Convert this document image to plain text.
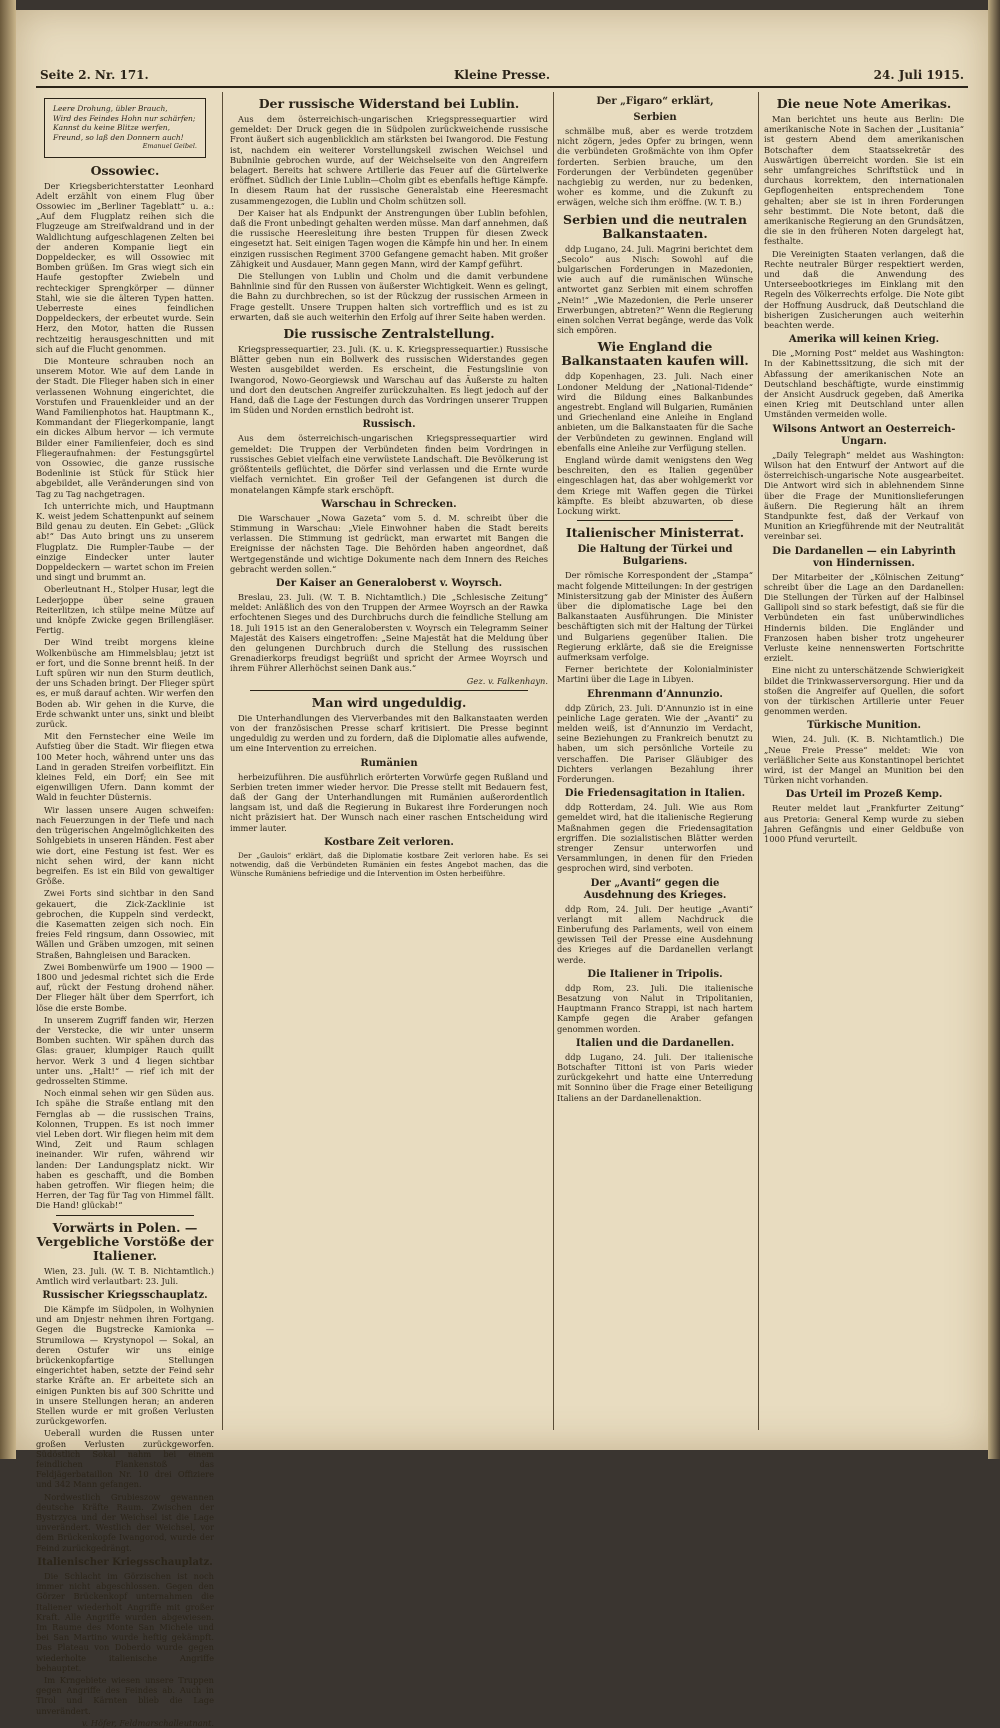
Seite 2. Nr. 171.	Kleine Presse.	24. Juli 1915.
Leere Drohung, übler Brauch,
Wird des Feindes Hohn nur schärfen;
Kannst du keine Blitze werfen,
Freund, so laß den Donnern auch!
Emanuel Geibel.
Ossowiec.

Der Kriegsberichterstatter Leonhard Adelt erzählt von einem Flug über Ossowiec im „Berliner Tageblatt“ u. a.: „Auf dem Flugplatz reihen sich die Flugzeuge am Streifwaldrand und in der Waldlichtung aufgeschlagenen Zelten bei der anderen Kompanie liegt ein Doppeldecker, es will Ossowiec mit Bomben grüßen. Im Gras wiegt sich ein Haufe gestopfter Zwiebeln und rechteckiger Sprengkörper — dünner Stahl, wie sie die älteren Typen hatten. Ueberreste eines feindlichen Doppeldeckers, der erbeutet wurde. Sein Herz, den Motor, hatten die Russen rechtzeitig herausgeschnitten und mit sich auf die Flucht genommen.

Die Monteure schrauben noch an unserem Motor. Wie auf dem Lande in der Stadt. Die Flieger haben sich in einer verlassenen Wohnung eingerichtet, die Vorstufen und Frauenkleider und an der Wand Familienphotos hat. Hauptmann K., Kommandant der Fliegerkompanie, langt ein dickes Album hervor — ich vermute Bilder einer Familienfeier, doch es sind Fliegeraufnahmen: der Festungsgürtel von Ossowiec, die ganze russische Bodenlinie ist Stück für Stück hier abgebildet, alle Veränderungen sind von Tag zu Tag nachgetragen.

Ich unterrichte mich, und Hauptmann K. weist jedem Schattenpunkt auf seinem Bild genau zu deuten. Ein Gebet: „Glück ab!“ Das Auto bringt uns zu unserem Flugplatz. Die Rumpler-Taube — der einzige Eindecker unter lauter Doppeldeckern — wartet schon im Freien und singt und brummt an.

Oberleutnant H., Stolper Husar, legt die Lederjoppe über seine grauen Reiterlitzen, ich stülpe meine Mütze auf und knöpfe Zwicke gegen Brillengläser. Fertig.

Der Wind treibt morgens kleine Wolkenbüsche am Himmelsblau; jetzt ist er fort, und die Sonne brennt heiß. In der Luft spüren wir nun den Sturm deutlich, der uns Schaden bringt. Der Flieger spürt es, er muß darauf achten. Wir werfen den Boden ab. Wir gehen in die Kurve, die Erde schwankt unter uns, sinkt und bleibt zurück.

Mit den Fernstecher eine Weile im Aufstieg über die Stadt. Wir fliegen etwa 100 Meter hoch, während unter uns das Land in geraden Streifen vorbeiflitzt. Ein kleines Feld, ein Dorf; ein See mit eigenwilligen Ufern. Dann kommt der Wald in feuchter Düsternis.

Wir lassen unsere Augen schweifen: nach Feuerzungen in der Tiefe und nach den trügerischen Angelmöglichkeiten des Sohlgebiets in unseren Händen. Fest aber wie dort, eine Festung ist fest. Wer es nicht sehen wird, der kann nicht begreifen. Es ist ein Bild von gewaltiger Größe.

Zwei Forts sind sichtbar in den Sand gekauert, die Zick-Zacklinie ist gebrochen, die Kuppeln sind verdeckt, die Kasematten zeigen sich noch. Ein freies Feld ringsum, dann Ossowiec, mit Wällen und Gräben umzogen, mit seinen Straßen, Bahngleisen und Baracken.

Zwei Bombenwürfe um 1900 — 1900 — 1800 und jedesmal richtet sich die Erde auf, rückt der Festung drohend näher. Der Flieger hält über dem Sperrfort, ich löse die erste Bombe.

In unserem Zugriff fanden wir, Herzen der Verstecke, die wir unter unserm Bomben suchten. Wir spähen durch das Glas: grauer, klumpiger Rauch quillt hervor. Werk 3 und 4 liegen sichtbar unter uns. „Halt!“ — rief ich mit der gedrosselten Stimme.

Noch einmal sehen wir gen Süden aus. Ich spähe die Straße entlang mit den Fernglas ab — die russischen Trains, Kolonnen, Truppen. Es ist noch immer viel Leben dort. Wir fliegen heim mit dem Wind, Zeit und Raum schlagen ineinander. Wir rufen, während wir landen: Der Landungsplatz nickt. Wir haben es geschafft, und die Bomben haben getroffen. Wir fliegen heim; die Herren, der Tag für Tag von Himmel fällt. Die Hand! glückab!“

Vorwärts in Polen. — Vergebliche Vorstöße der Italiener.

Wien, 23. Juli. (W. T. B. Nichtamtlich.) Amtlich wird verlautbart: 23. Juli.

Russischer Kriegsschauplatz.

Die Kämpfe im Südpolen, in Wolhynien und am Dnjestr nehmen ihren Fortgang. Gegen die Bugstrecke Kamionka — Strumilowa — Krystynopol — Sokal, an deren Ostufer wir uns einige brückenkopfartige Stellungen eingerichtet haben, setzte der Feind sehr starke Kräfte an. Er arbeitete sich an einigen Punkten bis auf 300 Schritte und in unsere Stellungen heran; an anderen Stellen wurde er mit großen Verlusten zurückgeworfen.

Ueberall wurden die Russen unter großen Verlusten zurückgeworfen. Südöstlich Sokal nahm bei einem feindlichen Flankenstoß das Feldjägerbataillon Nr. 10 drei Offiziere und 342 Mann gefangen.

Nordwestlich Grubieszow gewannen deutsche Kräfte Raum. Zwischen der Bystrzyca und der Weichsel ist die Lage unverändert. Westlich der Weichsel, vor dem Brückenkopfe Iwangorod, wurde der Feind zurückgedrängt.

Italienischer Kriegsschauplatz.

Die Schlacht im Görzischen ist noch immer nicht abgeschlossen. Gegen den Görzer Brückenkopf unternahmen die Italiener wiederholt Angriffe mit großer Kraft. Alle Angriffe wurden abgewiesen. Im Raume des Monte San Michele und bei San Martino wurde heftig gekämpft. Das Plateau von Doberdo wurde gegen wiederholte italienische Angriffe behauptet.

Im Krngebiete wiesen unsere Truppen gegen Angriffe des Feindes ab. Auch in Tirol und Kärnten blieb die Lage unverändert.

v. Höfer, Feldmarschalleutnant.

Der russische Widerstand bei Lublin.

Aus dem österreichisch-ungarischen Kriegspressequartier wird gemeldet: Der Druck gegen die in Südpolen zurückweichende russische Front äußert sich augenblicklich am stärksten bei Iwangorod. Die Festung ist, nachdem ein weiterer Vorstellungskeil zwischen Weichsel und Bubnilnie gebrochen wurde, auf der Weichselseite von den Angreifern belagert. Bereits hat schwere Artillerie das Feuer auf die Gürtelwerke eröffnet. Südlich der Linie Lublin—Cholm gibt es ebenfalls heftige Kämpfe. In diesem Raum hat der russische Generalstab eine Heeresmacht zusammengezogen, die Lublin und Cholm schützen soll.

Der Kaiser hat als Endpunkt der Anstrengungen über Lublin befohlen, daß die Front unbedingt gehalten werden müsse. Man darf annehmen, daß die russische Heeresleitung ihre besten Truppen für diesen Zweck eingesetzt hat. Seit einigen Tagen wogen die Kämpfe hin und her. In einem einzigen russischen Regiment 3700 Gefangene gemacht haben. Mit großer Zähigkeit und Ausdauer, Mann gegen Mann, wird der Kampf geführt.

Die Stellungen von Lublin und Cholm und die damit verbundene Bahnlinie sind für den Russen von äußerster Wichtigkeit. Wenn es gelingt, die Bahn zu durchbrechen, so ist der Rückzug der russischen Armeen in Frage gestellt. Unsere Truppen halten sich vortrefflich und es ist zu erwarten, daß sie auch weiterhin den Erfolg auf ihrer Seite haben werden.

Die russische Zentralstellung.

Kriegspressequartier, 23. Juli. (K. u. K. Kriegspressequartier.) Russische Blätter geben nun ein Bollwerk des russischen Widerstandes gegen Westen ausgebildet werden. Es erscheint, die Festungslinie von Iwangorod, Nowo-Georgiewsk und Warschau auf das Äußerste zu halten und dort den deutschen Angreifer zurückzuhalten. Es liegt jedoch auf der Hand, daß die Lage der Festungen durch das Vordringen unserer Truppen im Süden und Norden ernstlich bedroht ist.

Russisch.

Aus dem österreichisch-ungarischen Kriegspressequartier wird gemeldet: Die Truppen der Verbündeten finden beim Vordringen in russisches Gebiet vielfach eine verwüstete Landschaft. Die Bevölkerung ist größtenteils geflüchtet, die Dörfer sind verlassen und die Ernte wurde vielfach vernichtet. Ein großer Teil der Gefangenen ist durch die monatelangen Kämpfe stark erschöpft.

Warschau in Schrecken.

Die Warschauer „Nowa Gazeta“ vom 5. d. M. schreibt über die Stimmung in Warschau: „Viele Einwohner haben die Stadt bereits verlassen. Die Stimmung ist gedrückt, man erwartet mit Bangen die Ereignisse der nächsten Tage. Die Behörden haben angeordnet, daß Wertgegenstände und wichtige Dokumente nach dem Innern des Reiches gebracht werden sollen.“

Der Kaiser an Generaloberst v. Woyrsch.

Breslau, 23. Juli. (W. T. B. Nichtamtlich.) Die „Schlesische Zeitung“ meldet: Anläßlich des von den Truppen der Armee Woyrsch an der Rawka erfochtenen Sieges und des Durchbruchs durch die feindliche Stellung am 18. Juli 1915 ist an den Generalobersten v. Woyrsch ein Telegramm Seiner Majestät des Kaisers eingetroffen: „Seine Majestät hat die Meldung über den gelungenen Durchbruch durch die Stellung des russischen Grenadierkorps freudigst begrüßt und spricht der Armee Woyrsch und ihrem Führer Allerhöchst seinen Dank aus.“

Gez. v. Falkenhayn.

Man wird ungeduldig.

Die Unterhandlungen des Vierverbandes mit den Balkanstaaten werden von der französischen Presse scharf kritisiert. Die Presse beginnt ungeduldig zu werden und zu fordern, daß die Diplomatie alles aufwende, um eine Intervention zu erreichen.

Rumänien

herbeizuführen. Die ausführlich erörterten Vorwürfe gegen Rußland und Serbien treten immer wieder hervor. Die Presse stellt mit Bedauern fest, daß der Gang der Unterhandlungen mit Rumänien außerordentlich langsam ist, und daß die Regierung in Bukarest ihre Forderungen noch nicht präzisiert hat. Der Wunsch nach einer raschen Entscheidung wird immer lauter.

Kostbare Zeit verloren.

Der „Gaulois“ erklärt, daß die Diplomatie kostbare Zeit verloren habe. Es sei notwendig, daß die Verbündeten Rumänien ein festes Angebot machen, das die Wünsche Rumäniens befriedige und die Intervention im Osten herbeiführe.

Der „Figaro“ erklärt,
Serbien

schmälbe muß, aber es werde trotzdem nicht zögern, jedes Opfer zu bringen, wenn die verbündeten Großmächte von ihm Opfer forderten. Serbien brauche, um den Forderungen der Verbündeten gegenüber nachgiebig zu werden, nur zu bedenken, woher es komme, und die Zukunft zu erwägen, welche sich ihm eröffne. (W. T. B.)

Serbien und die neutralen Balkanstaaten.

ddp Lugano, 24. Juli. Magrini berichtet dem „Secolo“ aus Nisch: Sowohl auf die bulgarischen Forderungen in Mazedonien, wie auch auf die rumänischen Wünsche antwortet ganz Serbien mit einem schroffen „Nein!“ „Wie Mazedonien, die Perle unserer Erwerbungen, abtreten?“ Wenn die Regierung einen solchen Verrat begänge, werde das Volk sich empören.

Wie England die Balkanstaaten kaufen will.

ddp Kopenhagen, 23. Juli. Nach einer Londoner Meldung der „National-Tidende“ wird die Bildung eines Balkanbundes angestrebt. England will Bulgarien, Rumänien und Griechenland eine Anleihe in England anbieten, um die Balkanstaaten für die Sache der Verbündeten zu gewinnen. England will ebenfalls eine Anleihe zur Verfügung stellen.

England würde damit wenigstens den Weg beschreiten, den es Italien gegenüber eingeschlagen hat, das aber wohlgemerkt vor dem Kriege mit Waffen gegen die Türkei kämpfte. Es bleibt abzuwarten, ob diese Lockung wirkt.

Italienischer Ministerrat.
Die Haltung der Türkei und Bulgariens.

Der römische Korrespondent der „Stampa“ macht folgende Mitteilungen: In der gestrigen Ministersitzung gab der Minister des Äußern über die diplomatische Lage bei den Balkanstaaten Ausführungen. Die Minister beschäftigten sich mit der Haltung der Türkei und Bulgariens gegenüber Italien. Die Regierung erklärte, daß sie die Ereignisse aufmerksam verfolge.

Ferner berichtete der Kolonialminister Martini über die Lage in Libyen.

Ehrenmann d’Annunzio.

ddp Zürich, 23. Juli. D’Annunzio ist in eine peinliche Lage geraten. Wie der „Avanti“ zu melden weiß, ist d’Annunzio im Verdacht, seine Beziehungen zu Frankreich benutzt zu haben, um sich persönliche Vorteile zu verschaffen. Die Pariser Gläubiger des Dichters verlangen Bezahlung ihrer Forderungen.

Die Friedensagitation in Italien.

ddp Rotterdam, 24. Juli. Wie aus Rom gemeldet wird, hat die italienische Regierung Maßnahmen gegen die Friedensagitation ergriffen. Die sozialistischen Blätter werden strenger Zensur unterworfen und Versammlungen, in denen für den Frieden gesprochen wird, sind verboten.

Der „Avanti“ gegen die Ausdehnung des Krieges.

ddp Rom, 24. Juli. Der heutige „Avanti“ verlangt mit allem Nachdruck die Einberufung des Parlaments, weil von einem gewissen Teil der Presse eine Ausdehnung des Krieges auf die Dardanellen verlangt werde.

Die Italiener in Tripolis.

ddp Rom, 23. Juli. Die italienische Besatzung von Nalut in Tripolitanien, Hauptmann Franco Strappi, ist nach hartem Kampfe gegen die Araber gefangen genommen worden.

Italien und die Dardanellen.

ddp Lugano, 24. Juli. Der italienische Botschafter Tittoni ist von Paris wieder zurückgekehrt und hatte eine Unterredung mit Sonnino über die Frage einer Beteiligung Italiens an der Dardanellenaktion.

Die neue Note Amerikas.

Man berichtet uns heute aus Berlin: Die amerikanische Note in Sachen der „Lusitania“ ist gestern Abend dem amerikanischen Botschafter dem Staatssekretär des Auswärtigen überreicht worden. Sie ist ein sehr umfangreiches Schriftstück und in durchaus korrektem, den internationalen Gepflogenheiten entsprechendem Tone gehalten; aber sie ist in ihren Forderungen sehr bestimmt. Die Note betont, daß die amerikanische Regierung an den Grundsätzen, die sie in den früheren Noten dargelegt hat, festhalte.

Die Vereinigten Staaten verlangen, daß die Rechte neutraler Bürger respektiert werden, und daß die Anwendung des Unterseebootkrieges im Einklang mit den Regeln des Völkerrechts erfolge. Die Note gibt der Hoffnung Ausdruck, daß Deutschland die bisherigen Zusicherungen auch weiterhin beachten werde.

Amerika will keinen Krieg.

Die „Morning Post“ meldet aus Washington: In der Kabinettssitzung, die sich mit der Abfassung der amerikanischen Note an Deutschland beschäftigte, wurde einstimmig der Ansicht Ausdruck gegeben, daß Amerika einen Krieg mit Deutschland unter allen Umständen vermeiden wolle.

Wilsons Antwort an Oesterreich-Ungarn.

„Daily Telegraph“ meldet aus Washington: Wilson hat den Entwurf der Antwort auf die österreichisch-ungarische Note ausgearbeitet. Die Antwort wird sich in ablehnendem Sinne über die Frage der Munitionslieferungen äußern. Die Regierung hält an ihrem Standpunkte fest, daß der Verkauf von Munition an Kriegführende mit der Neutralität vereinbar sei.

Die Dardanellen — ein Labyrinth von Hindernissen.

Der Mitarbeiter der „Kölnischen Zeitung“ schreibt über die Lage an den Dardanellen: Die Stellungen der Türken auf der Halbinsel Gallipoli sind so stark befestigt, daß sie für die Verbündeten ein fast unüberwindliches Hindernis bilden. Die Engländer und Franzosen haben bisher trotz ungeheurer Verluste keine nennenswerten Fortschritte erzielt.

Eine nicht zu unterschätzende Schwierigkeit bildet die Trinkwasserversorgung. Hier und da stoßen die Angreifer auf Quellen, die sofort von der türkischen Artillerie unter Feuer genommen werden.

Türkische Munition.

Wien, 24. Juli. (K. B. Nichtamtlich.) Die „Neue Freie Presse“ meldet: Wie von verläßlicher Seite aus Konstantinopel berichtet wird, ist der Mangel an Munition bei den Türken nicht vorhanden.

Das Urteil im Prozeß Kemp.

Reuter meldet laut „Frankfurter Zeitung“ aus Pretoria: General Kemp wurde zu sieben Jahren Gefängnis und einer Geldbuße von 1000 Pfund verurteilt.
